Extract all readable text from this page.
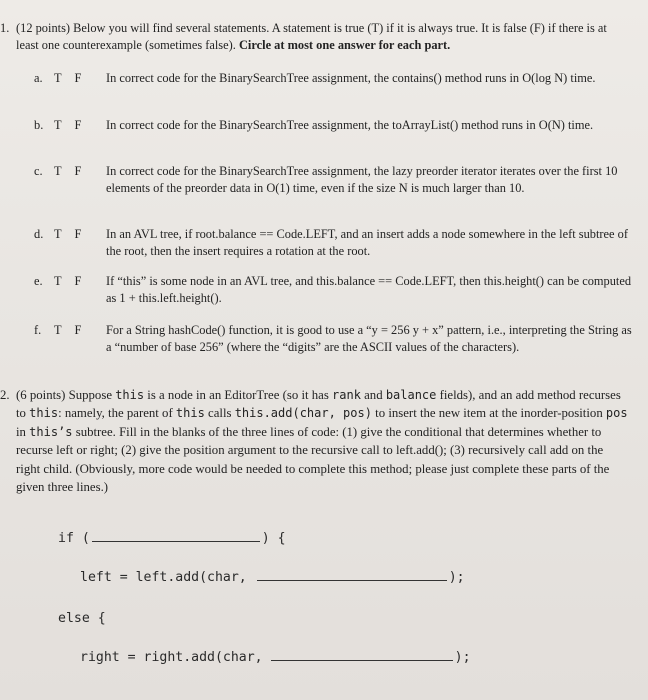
1. (12 points) Below you will find several statements. A statement is true (T) if it is always true. It is false (F) if there is at least one counterexample (sometimes false). Circle at most one answer for each part.
a. T F	In correct code for the BinarySearchTree assignment, the contains() method runs in O(log N) time.
b. T F	In correct code for the BinarySearchTree assignment, the toArrayList() method runs in O(N) time.
c. T F	In correct code for the BinarySearchTree assignment, the lazy preorder iterator iterates over the first 10 elements of the preorder data in O(1) time, even if the size N is much larger than 10.
d. T F	In an AVL tree, if root.balance == Code.LEFT, and an insert adds a node somewhere in the left subtree of the root, then the insert requires a rotation at the root.
e. T F	If “this” is some node in an AVL tree, and this.balance == Code.LEFT, then this.height() can be computed as 1 + this.left.height().
f.	T F	For a String hashCode() function, it is good to use a “y = 256 y + x” pattern, i.e., interpreting the String as a “number of base 256” (where the “digits” are the ASCII values of the characters).
2. (6 points) Suppose this is a node in an EditorTree (so it has rank and balance fields), and an add method recurses to this: namely, the parent of this calls this.add(char, pos) to insert the new item at the inorder-position pos in this’s subtree. Fill in the blanks of the three lines of code: (1) give the conditional that determines whether to recurse left or right; (2) give the position argument to the recursive call to left.add(); (3) recursively call add on the right child. (Obviously, more code would be needed to complete this method; please just complete these parts of the given three lines.)
if (	) {
left = left.add(char,	);
else {
right = right.add(char,	);
